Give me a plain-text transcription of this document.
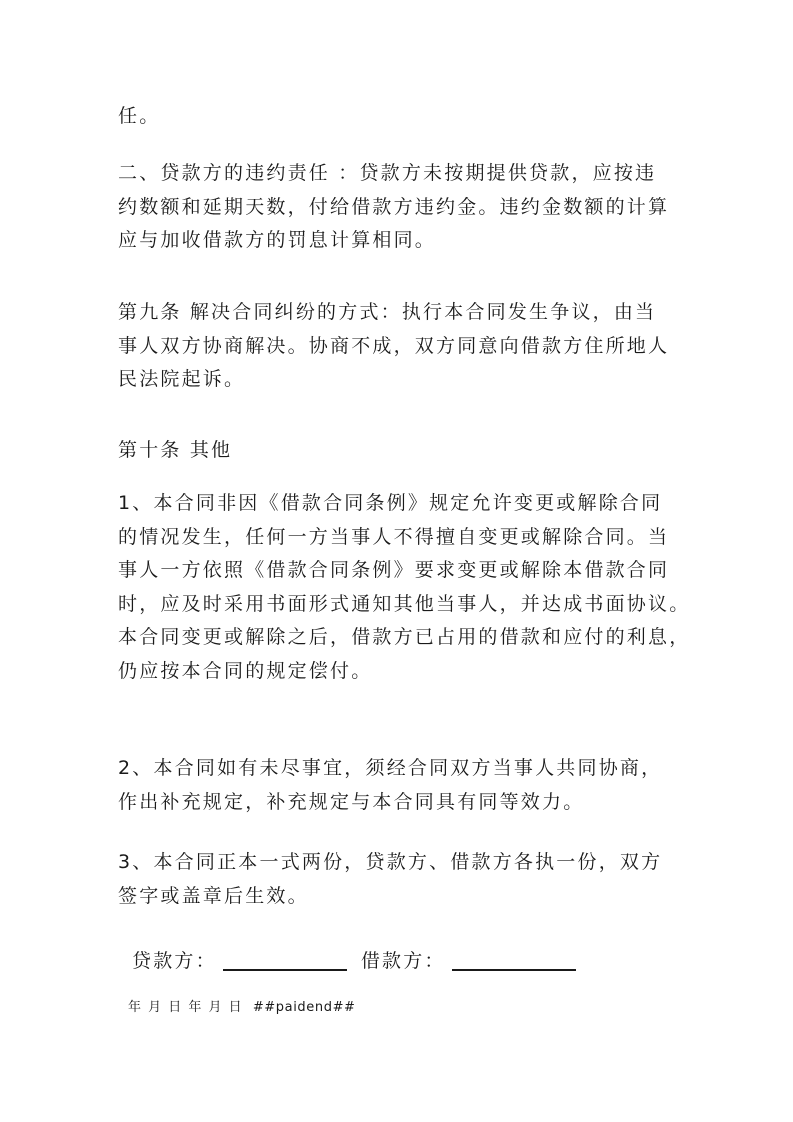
任。
二、贷款方的违约责任 ：贷款方未按期提供贷款，应按违
约数额和延期天数，付给借款方违约金。违约金数额的计算
应与加收借款方的罚息计算相同。
第九条 解决合同纠纷的方式：执行本合同发生争议，由当
事人双方协商解决。协商不成，双方同意向借款方住所地人
民法院起诉。
第十条 其他
1、本合同非因《借款合同条例》规定允许变更或解除合同
的情况发生，任何一方当事人不得擅自变更或解除合同。当
事人一方依照《借款合同条例》要求变更或解除本借款合同
时，应及时采用书面形式通知其他当事人，并达成书面协议。
本合同变更或解除之后，借款方已占用的借款和应付的利息，
仍应按本合同的规定偿付。
2、本合同如有未尽事宜，须经合同双方当事人共同协商，
作出补充规定，补充规定与本合同具有同等效力。
3、本合同正本一式两份，贷款方、借款方各执一份，双方
签字或盖章后生效。
贷款方：	借款方：
年 月 日 年 月 日 ##paidend##
